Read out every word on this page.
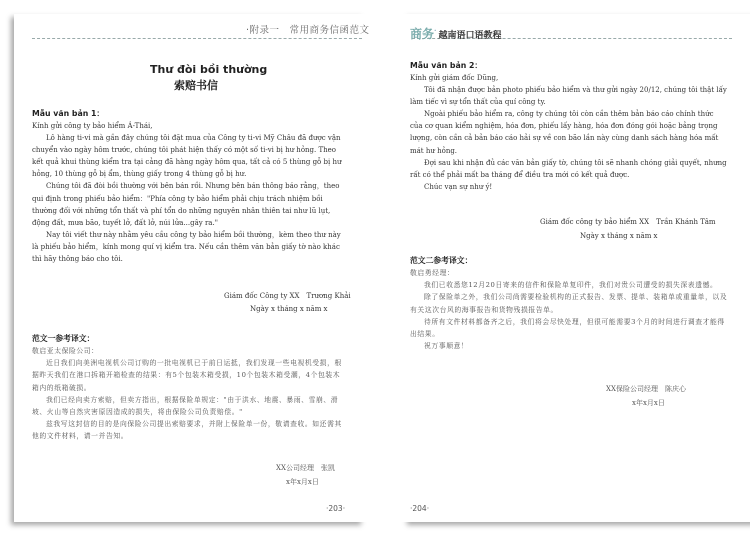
·附录一　常用商务信函范文	商务·越南语口语教程
Thư đòi bồi thường
索赔书信
Mẫu văn bản 1：

Kính gửi công ty bảo hiểm Á-Thái,

Lô hàng ti-vi mà gần đây chúng tôi đặt mua của Công ty ti-vi Mỹ Châu đã được vận chuyển vào ngày hôm trước, chúng tôi phát hiện thấy có một số ti-vi bị hư hỏng. Theo kết quả khui thùng kiểm tra tại cảng đã hàng ngày hôm qua, tất cả có 5 thùng gỗ bị hư hỏng, 10 thùng gỗ bị ẩm, thùng giấy trong 4 thùng gỗ bị hư.

Chúng tôi đã đòi bồi thường với bên bán rồi. Nhưng bên bán thông báo rằng，theo qui định trong phiếu bảo hiểm："Phía công ty bảo hiểm phải chịu trách nhiệm bồi thường đối với những tổn thất và phí tổn do những nguyên nhân thiên tai như lũ lụt, động đất, mưa bão, tuyết lở, đất lở, núi lửa...gây ra."

Nay tôi viết thư này nhằm yêu cầu công ty bảo hiểm bồi thường，kèm theo thư này là phiếu bảo hiểm，kính mong quí vị kiểm tra. Nếu cần thêm văn bản giấy tờ nào khác thì hãy thông báo cho tôi.

Giám đốc Công ty XX　Trương Khải
Ngày x tháng x năm x
范文一参考译文：

敬启亚太保险公司：

近日我们向美洲电视机公司订购的一批电视机已于前日运抵，我们发现一些电视机受损，根据昨天我们在港口拆箱开箱检查的结果：有5个包装木箱受损，10个包装木箱受潮，4个包装木箱内的纸箱破损。

我们已经向卖方索赔，但卖方指出，根据保险单规定："由于洪水、地震、暴雨、雪崩、滑坡、火山等自然灾害原因造成的损失，将由保险公司负责赔偿。"

兹我写这封信的目的是向保险公司提出索赔要求，并附上保险单一份，敬请查收。如还需其他的文件材料，请一并告知。

XX公司经理　张凯
x年x月x日
·203·
Mẫu văn bản 2：

Kính gửi giám đốc Dũng,

Tôi đã nhận được bản photo phiếu bảo hiểm và thư gửi ngày 20/12, chúng tôi thật lấy làm tiếc vì sự tổn thất của quí công ty.

Ngoài phiếu bảo hiểm ra, công ty chúng tôi còn cần thêm bản báo cáo chính thức của cơ quan kiểm nghiệm, hóa đơn, phiếu lấy hàng, hóa đơn đóng gói hoặc bảng trọng lượng, còn cần cả bản báo cáo hải sự về con bão lần này cùng danh sách hàng hóa mất mát hư hỏng.

Đợi sau khi nhận đủ các văn bản giấy tờ, chúng tôi sẽ nhanh chóng giải quyết, nhưng rất có thể phải mất ba tháng để điều tra mới có kết quả được.

Chúc vạn sự như ý!

Giám đốc công ty bảo hiểm XX　Trần Khánh Tâm
Ngày x tháng x năm x
范文二参考译文：

敬启勇经理：

我们已收悉您12月20日寄来的信件和保险单复印件，我们对贵公司遭受的损失深表遗憾。

除了保险单之外，我们公司尚需要检验机构的正式报告、发票、提单、装箱单或重量单，以及有关这次台风的海事报告和货物残损报告单。

待所有文件材料都备齐之后，我们将会尽快处理，但很可能需要3个月的时间进行调查才能得出结果。

祝万事顺意！

XX保险公司经理　陈庆心
x年x月x日
·204·
